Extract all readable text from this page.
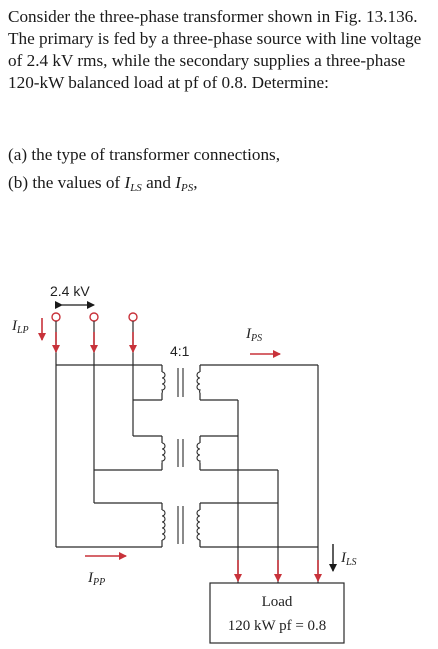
Consider the three-phase transformer shown in Fig. 13.136. The primary is fed by a three-phase source with line voltage of 2.4 kV rms, while the secondary supplies a three-phase 120-kW balanced load at pf of 0.8. Determine:
(a) the type of transformer connections,
(b) the values of $I_{LS}$ and $I_{PS}$,
2.4 kV
$I_{LP}$
4:1
$I_{PS}$
$I_{PP}$
$I_{LS}$
Load
120 kW pf = 0.8
